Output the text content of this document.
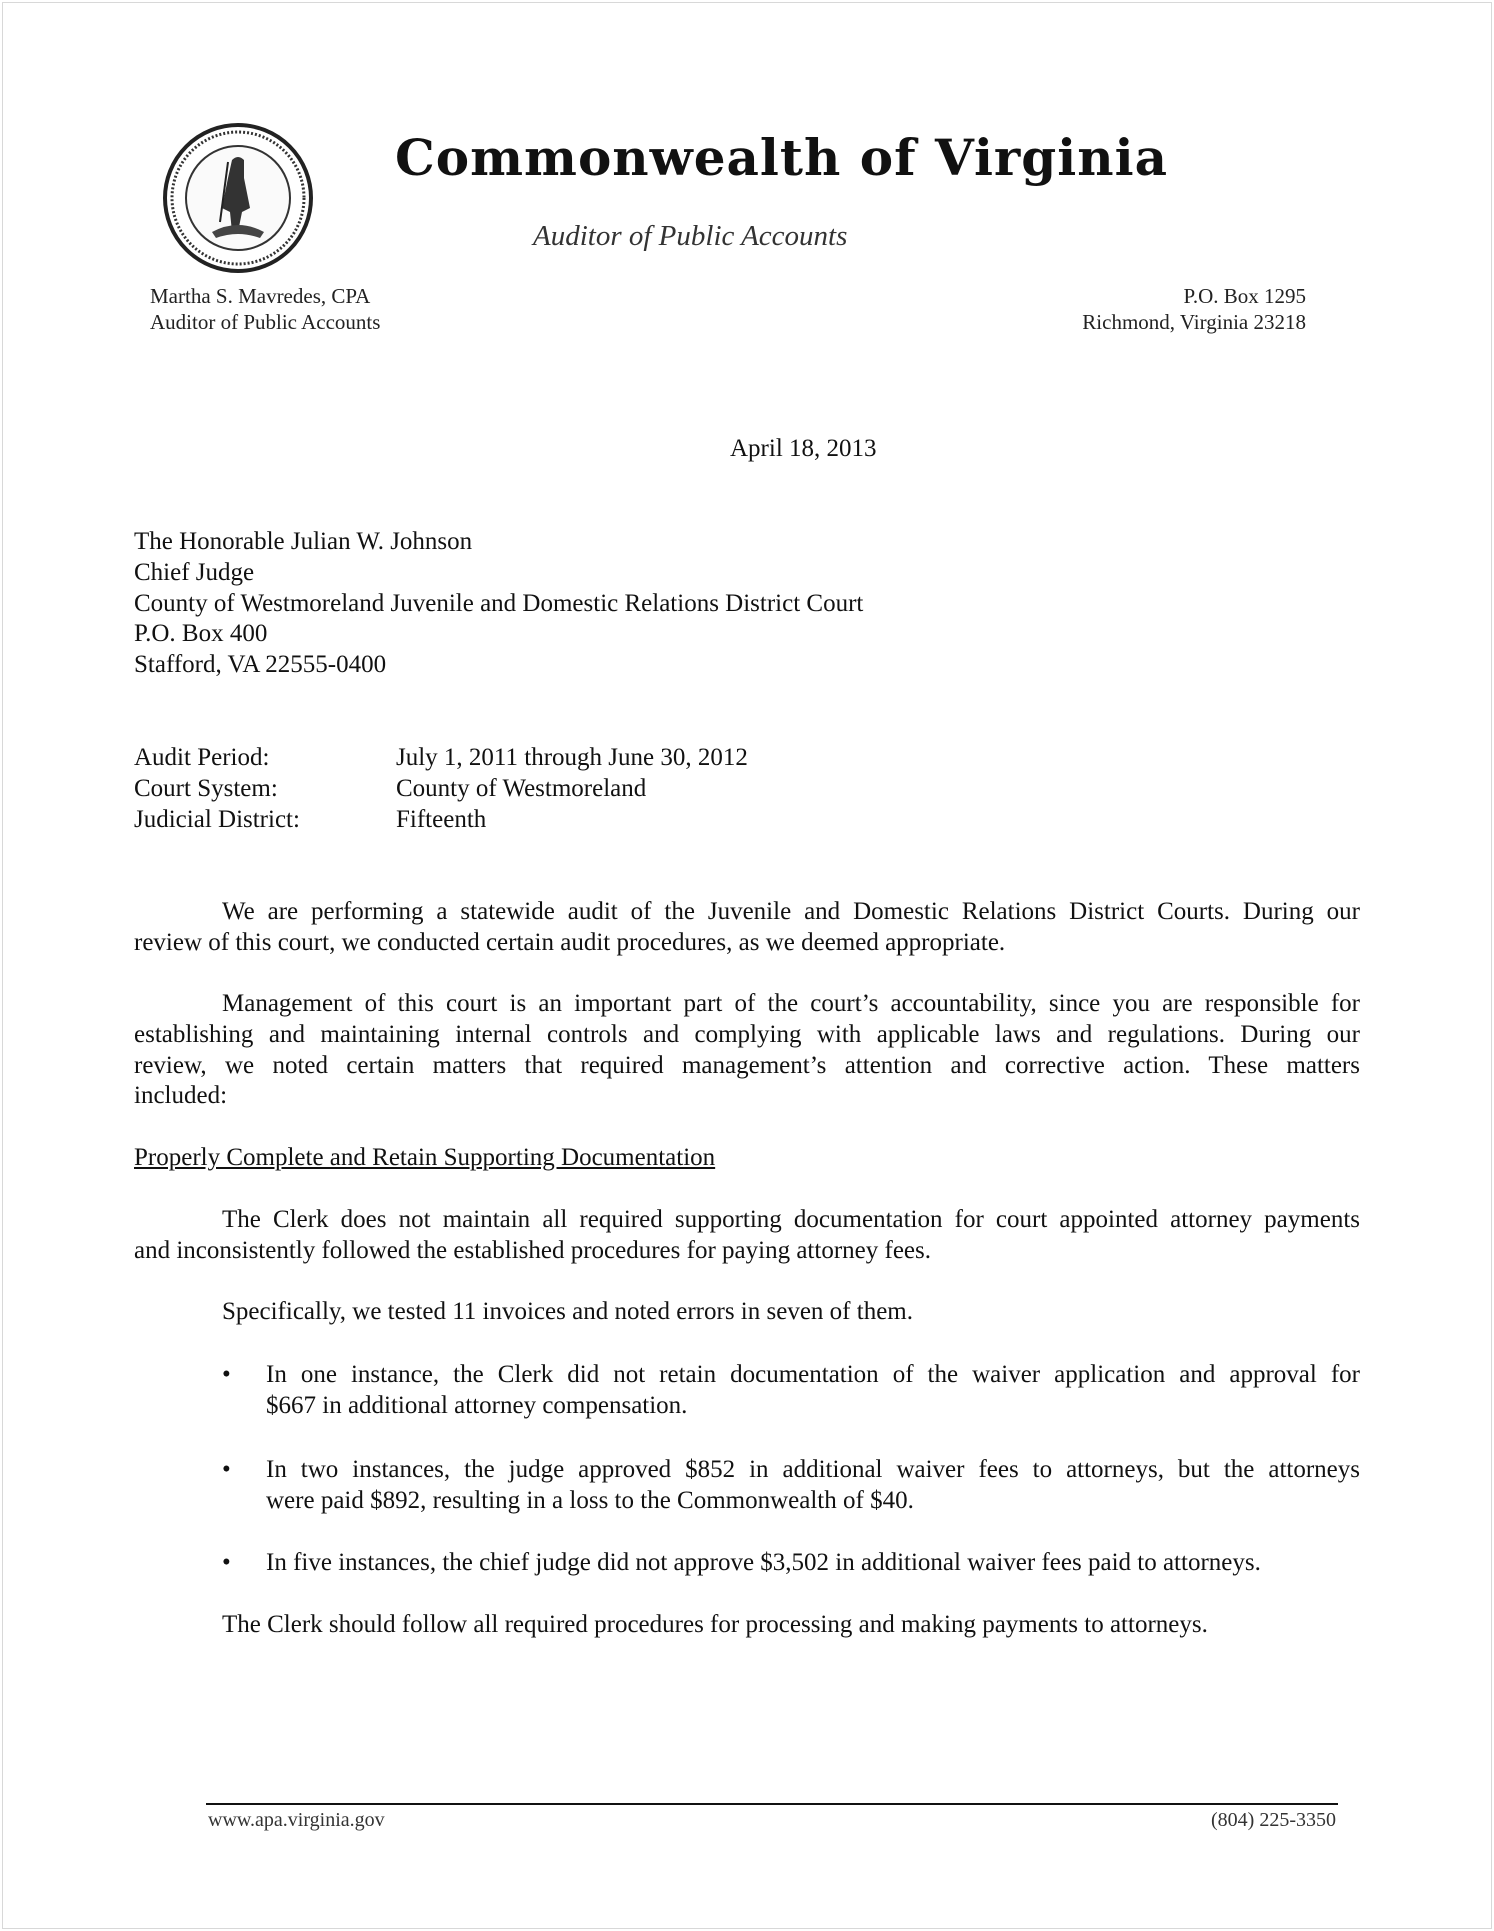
Commonwealth of Virginia
Auditor of Public Accounts
Martha S. Mavredes, CPA
Auditor of Public Accounts
P.O. Box 1295
Richmond, Virginia 23218
April 18, 2013
The Honorable Julian W. Johnson
Chief Judge
County of Westmoreland Juvenile and Domestic Relations District Court
P.O. Box 400
Stafford, VA 22555-0400
Audit Period:	July 1, 2011 through June 30, 2012
Court System:	County of Westmoreland
Judicial District:	Fifteenth
We are performing a statewide audit of the Juvenile and Domestic Relations District Courts. During our
review of this court, we conducted certain audit procedures, as we deemed appropriate.
Management of this court is an important part of the court’s accountability, since you are responsible for
establishing and maintaining internal controls and complying with applicable laws and regulations. During our
review, we noted certain matters that required management’s attention and corrective action. These matters
included:
Properly Complete and Retain Supporting Documentation
The Clerk does not maintain all required supporting documentation for court appointed attorney payments
and inconsistently followed the established procedures for paying attorney fees.
Specifically, we tested 11 invoices and noted errors in seven of them.
• In one instance, the Clerk did not retain documentation of the waiver application and approval for
$667 in additional attorney compensation.
• In two instances, the judge approved $852 in additional waiver fees to attorneys, but the attorneys
were paid $892, resulting in a loss to the Commonwealth of $40.
• In five instances, the chief judge did not approve $3,502 in additional waiver fees paid to attorneys.
The Clerk should follow all required procedures for processing and making payments to attorneys.
www.apa.virginia.gov	(804) 225-3350
